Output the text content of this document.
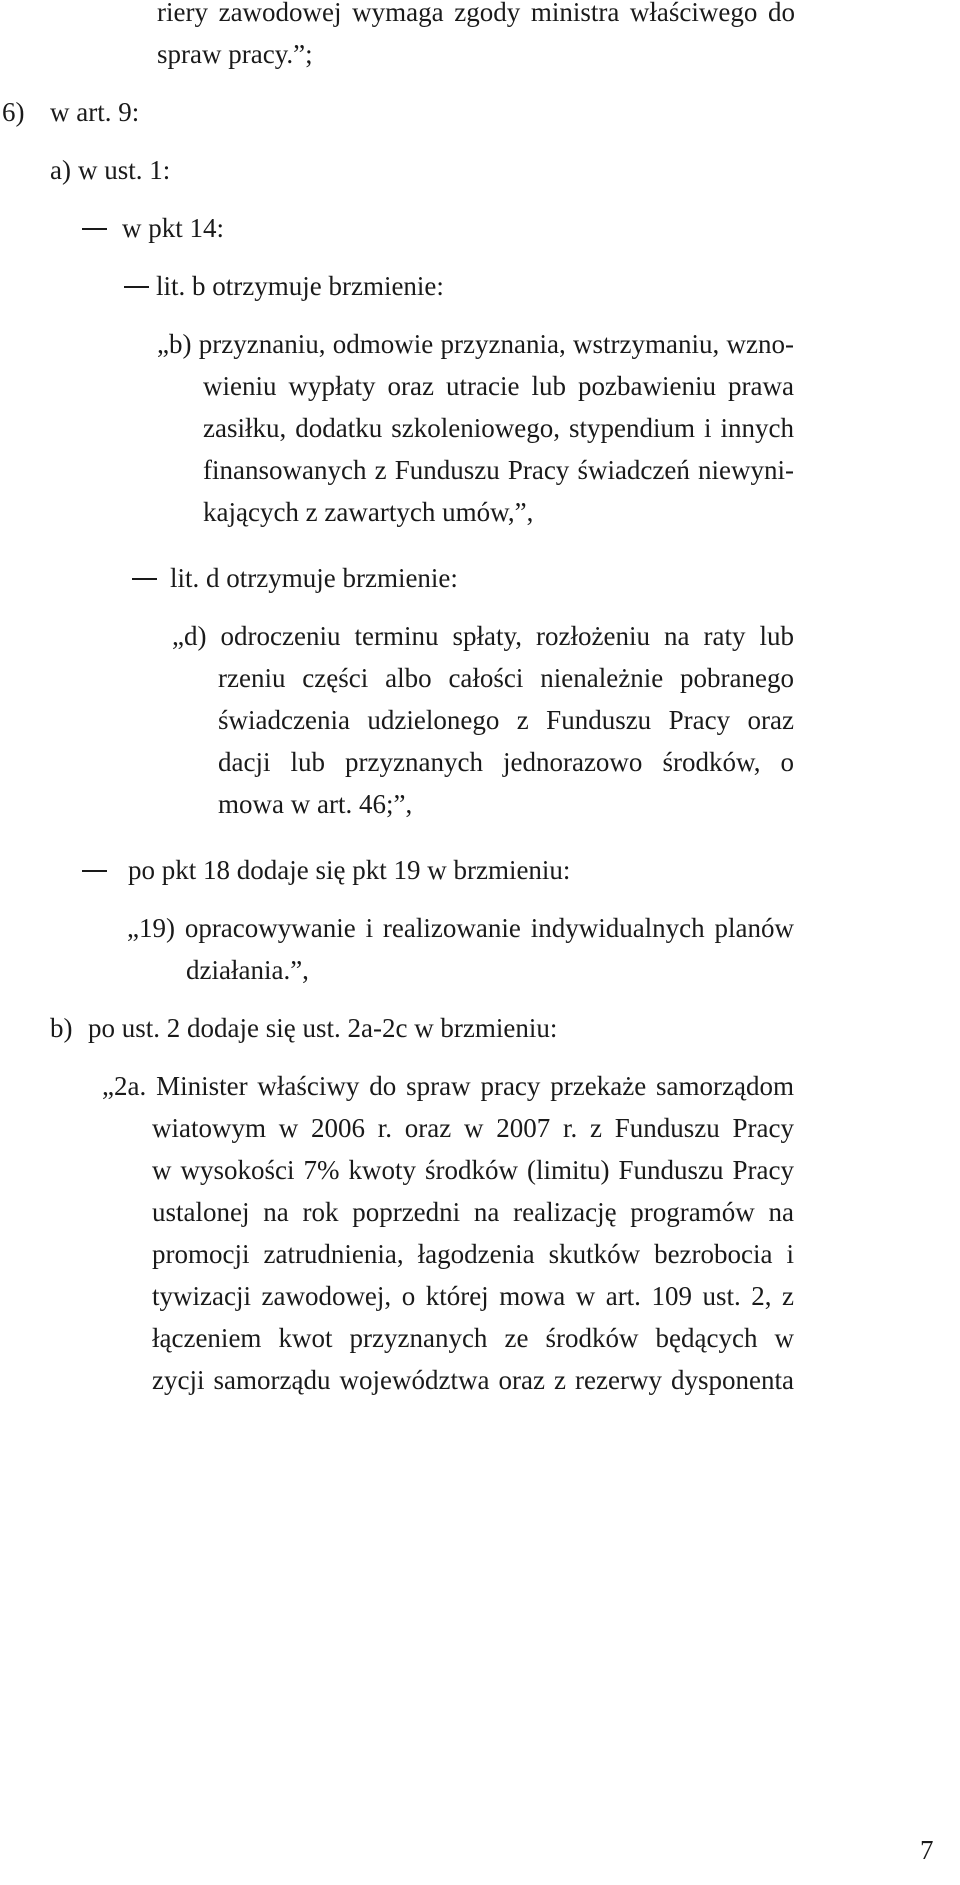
riery zawodowej wymaga zgody ministra właściwego do
spraw pracy.”;
6) w art. 9:
a) w ust. 1:
w pkt 14:
lit. b otrzymuje brzmienie:
„b) przyznaniu, odmowie przyznania, wstrzymaniu, wzno-
wieniu wypłaty oraz utracie lub pozbawieniu prawa
zasiłku, dodatku szkoleniowego, stypendium i innych
finansowanych z Funduszu Pracy świadczeń niewyni-
kających z zawartych umów,”,
lit. d otrzymuje brzmienie:
„d) odroczeniu terminu spłaty, rozłożeniu na raty lub
rzeniu części albo całości nienależnie pobranego
świadczenia udzielonego z Funduszu Pracy oraz
dacji lub przyznanych jednorazowo środków, o
mowa w art. 46;”,
po pkt 18 dodaje się pkt 19 w brzmieniu:
„19) opracowywanie i realizowanie indywidualnych planów
działania.”,
b) po ust. 2 dodaje się ust. 2a-2c w brzmieniu:
„2a. Minister właściwy do spraw pracy przekaże samorządom
wiatowym w 2006 r. oraz w 2007 r. z Funduszu Pracy
w wysokości 7% kwoty środków (limitu) Funduszu Pracy
ustalonej na rok poprzedni na realizację programów na
promocji zatrudnienia, łagodzenia skutków bezrobocia i
tywizacji zawodowej, o której mowa w art. 109 ust. 2, z
łączeniem kwot przyznanych ze środków będących w
zycji samorządu województwa oraz z rezerwy dysponenta
7
